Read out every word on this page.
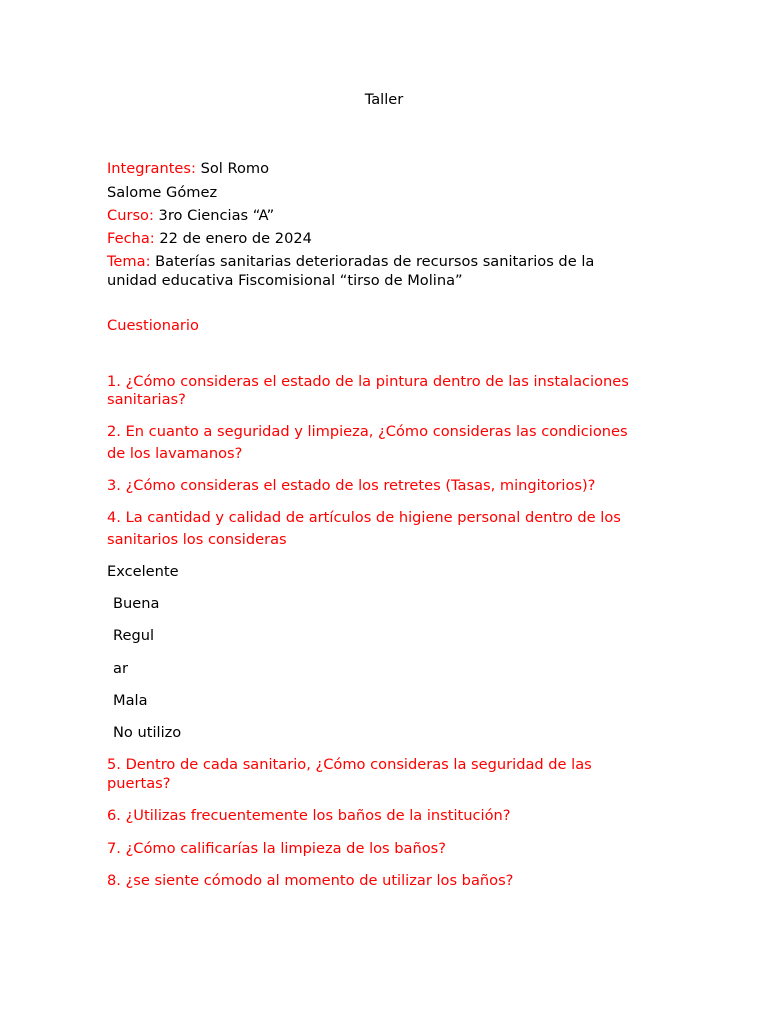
Taller
Integrantes: Sol Romo
Salome Gómez
Curso: 3ro Ciencias “A”
Fecha: 22 de enero de 2024
Tema: Baterías sanitarias deterioradas de recursos sanitarios de la
unidad educativa Fiscomisional “tirso de Molina”
Cuestionario
1. ¿Cómo consideras el estado de la pintura dentro de las instalaciones
sanitarias?
2. En cuanto a seguridad y limpieza, ¿Cómo consideras las condiciones
de los lavamanos?
3. ¿Cómo consideras el estado de los retretes (Tasas, mingitorios)?
4. La cantidad y calidad de artículos de higiene personal dentro de los
sanitarios los consideras
Excelente
Buena
Regul
ar
Mala
No utilizo
5. Dentro de cada sanitario, ¿Cómo consideras la seguridad de las
puertas?
6. ¿Utilizas frecuentemente los baños de la institución?
7. ¿Cómo calificarías la limpieza de los baños?
8. ¿se siente cómodo al momento de utilizar los baños?
